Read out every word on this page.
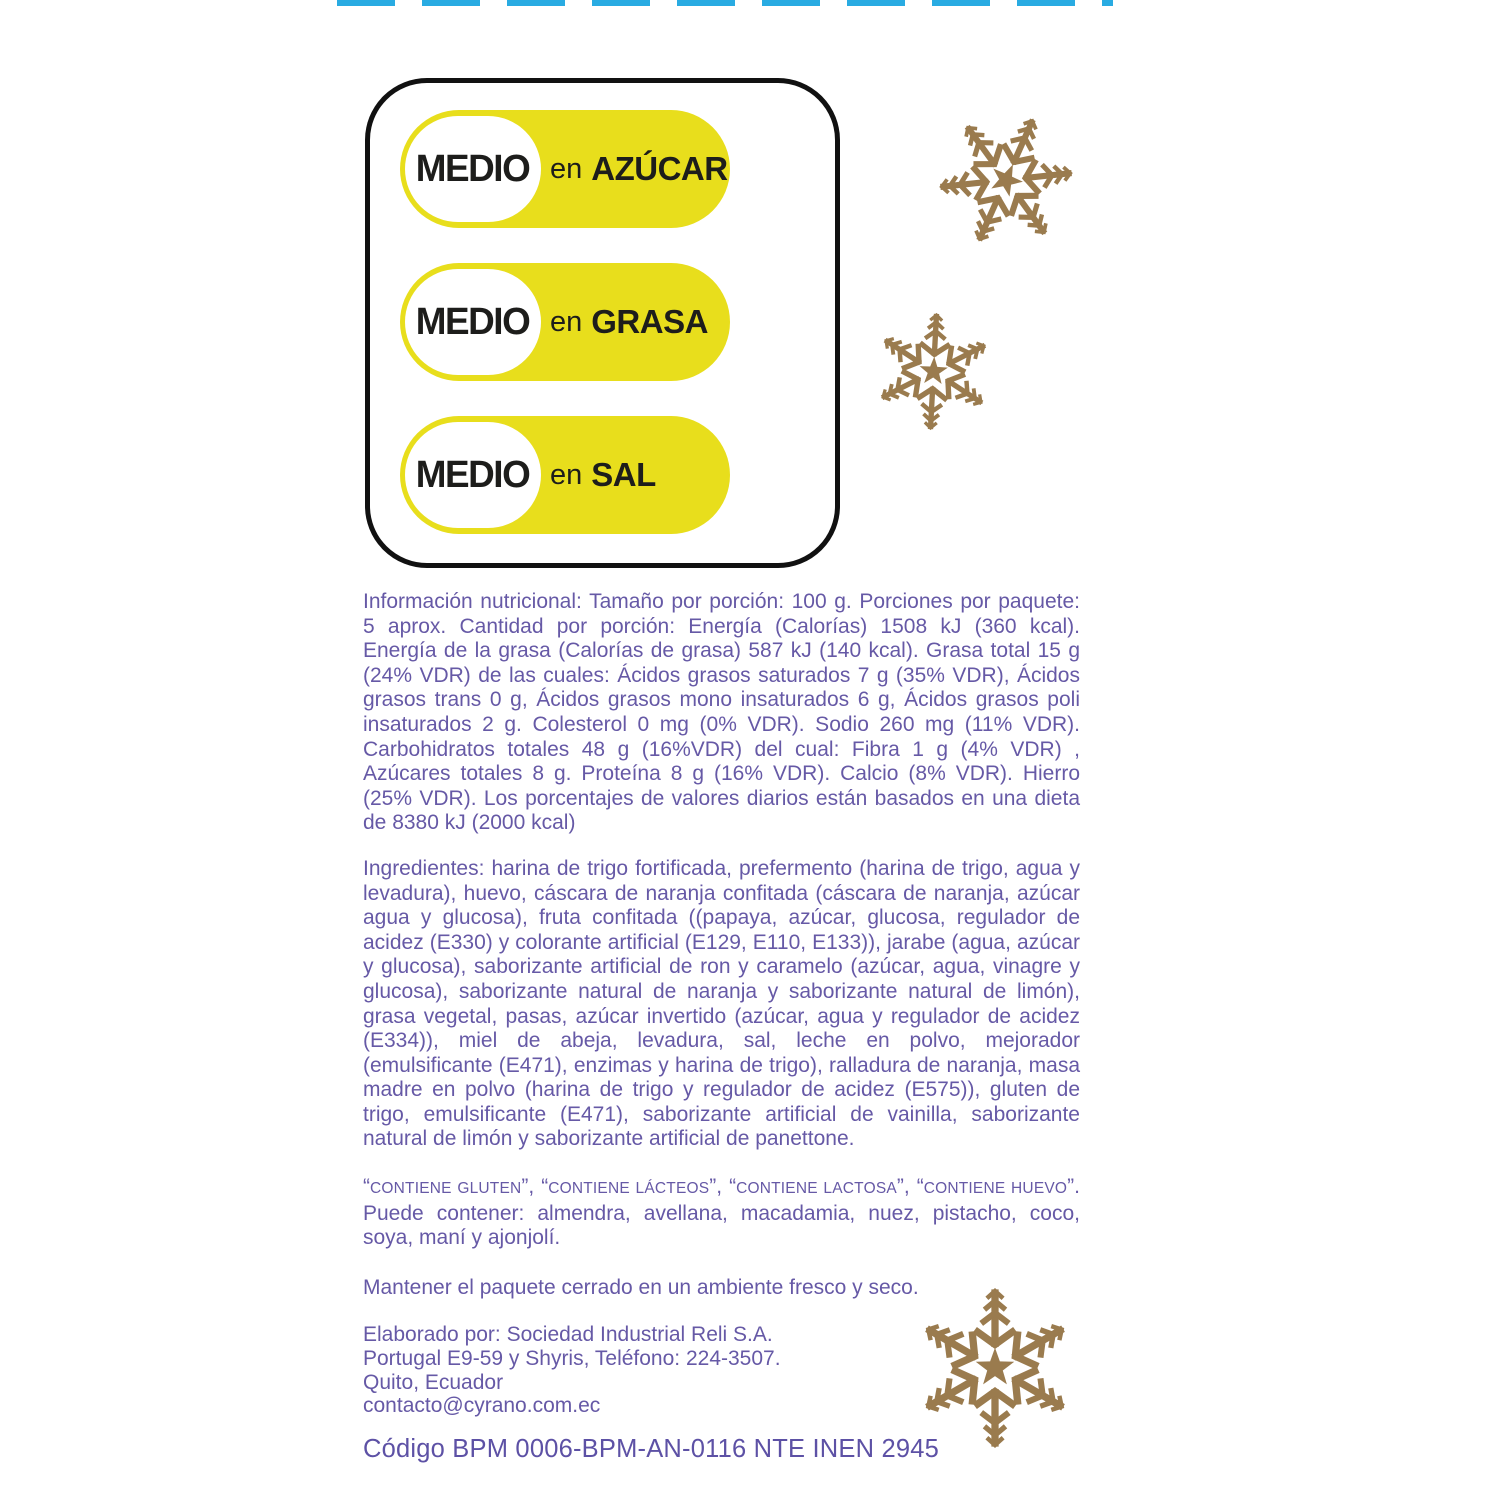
MEDIO en AZÚCAR
MEDIO en GRASA
MEDIO en SAL

Información nutricional: Tamaño por porción: 100 g. Porciones por paquete: 5 aprox. Cantidad por porción: Energía (Calorías) 1508 kJ (360 kcal). Energía de la grasa (Calorías de grasa) 587 kJ (140 kcal). Grasa total 15 g (24% VDR) de las cuales: Ácidos grasos saturados 7 g (35% VDR), Ácidos grasos trans 0 g, Ácidos grasos mono insaturados 6 g, Ácidos grasos poli insaturados 2 g. Colesterol 0 mg (0% VDR). Sodio 260 mg (11% VDR). Carbohidratos totales 48 g (16%VDR) del cual: Fibra 1 g (4% VDR) , Azúcares totales 8 g. Proteína 8 g (16% VDR). Calcio (8% VDR). Hierro (25% VDR). Los porcentajes de valores diarios están basados en una dieta de 8380 kJ (2000 kcal)

Ingredientes: harina de trigo fortificada, prefermento (harina de trigo, agua y levadura), huevo, cáscara de naranja confitada (cáscara de naranja, azúcar agua y glucosa), fruta confitada ((papaya, azúcar, glucosa, regulador de acidez (E330) y colorante artificial (E129, E110, E133)), jarabe (agua, azúcar y glucosa), saborizante artificial de ron y caramelo (azúcar, agua, vinagre y glucosa), saborizante natural de naranja y saborizante natural de limón), grasa vegetal, pasas, azúcar invertido (azúcar, agua y regulador de acidez (E334)), miel de abeja, levadura, sal, leche en polvo, mejorador (emulsificante (E471), enzimas y harina de trigo), ralladura de naranja, masa madre en polvo (harina de trigo y regulador de acidez (E575)), gluten de trigo, emulsificante (E471), saborizante artificial de vainilla, saborizante natural de limón y saborizante artificial de panettone.

“CONTIENE GLUTEN”, “CONTIENE LÁCTEOS”, “CONTIENE LACTOSA”, “CONTIENE HUEVO”. Puede contener: almendra, avellana, macadamia, nuez, pistacho, coco, soya, maní y ajonjolí.

Mantener el paquete cerrado en un ambiente fresco y seco.

Elaborado por: Sociedad Industrial Reli S.A.

Portugal E9-59 y Shyris, Teléfono: 224-3507.

Quito, Ecuador

contacto@cyrano.com.ec

Código BPM 0006-BPM-AN-0116 NTE INEN 2945
